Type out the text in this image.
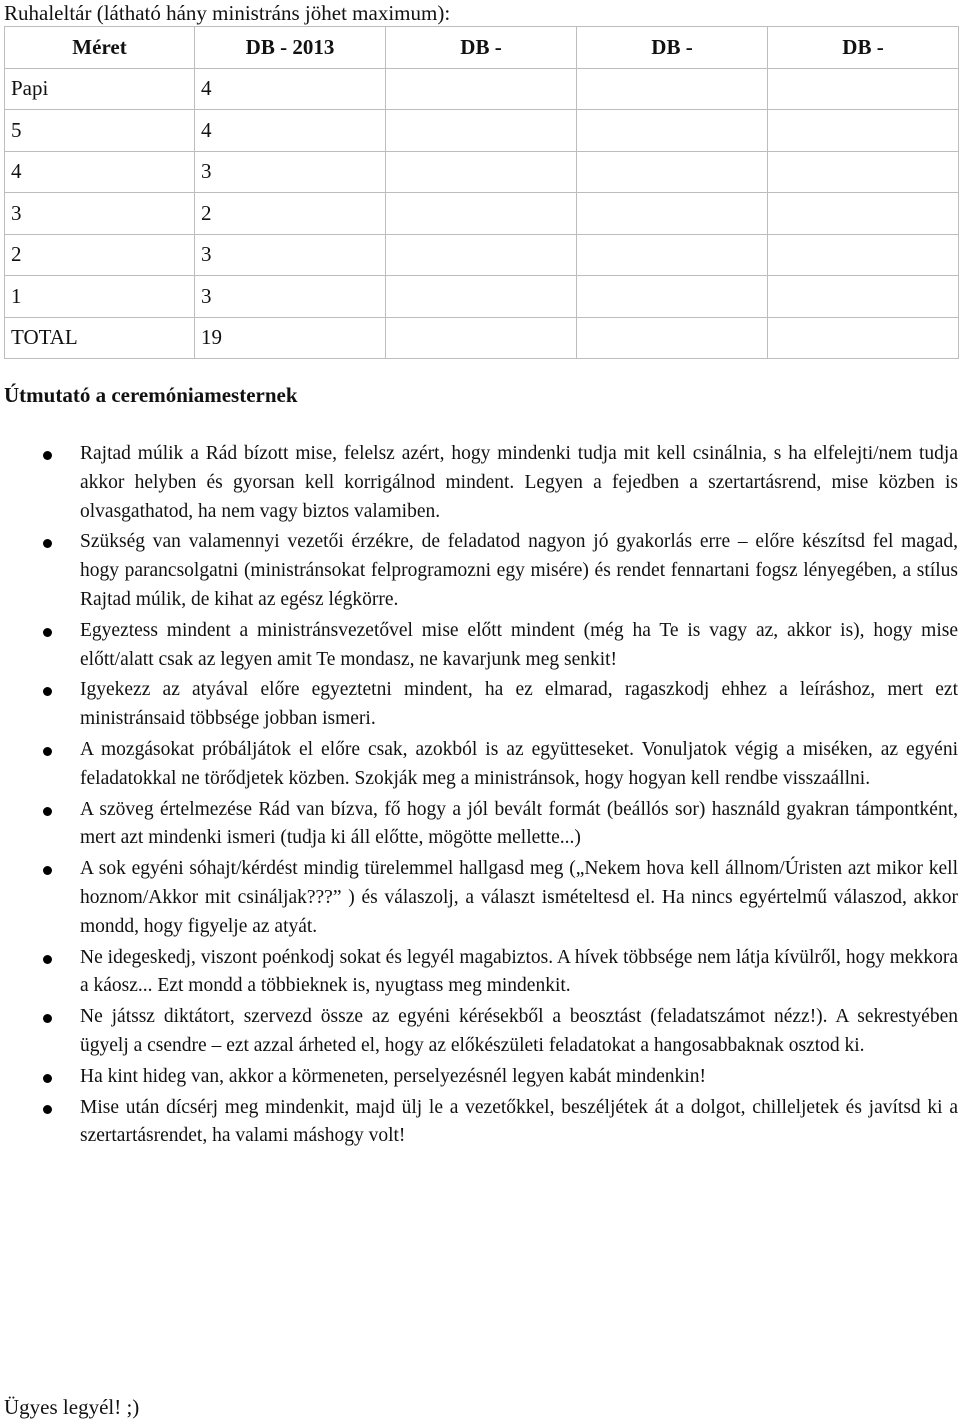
Ruhaleltár (látható hány ministráns jöhet maximum):
Méret	DB - 2013	DB -	DB -	DB -
Papi	4			
5	4			
4	3			
3	2			
2	3			
1	3			
TOTAL	19			
Útmutató a ceremóniamesternek
Rajtad múlik a Rád bízott mise, felelsz azért, hogy mindenki tudja mit kell csinálnia, s ha elfelejti/nem tudja akkor helyben és gyorsan kell korrigálnod mindent. Legyen a fejedben a szertartásrend, mise közben is olvasgathatod, ha nem vagy biztos valamiben.
Szükség van valamennyi vezetői érzékre, de feladatod nagyon jó gyakorlás erre – előre készítsd fel magad, hogy parancsolgatni (ministránsokat felprogramozni egy misére) és rendet fennartani fogsz lényegében, a stílus Rajtad múlik, de kihat az egész légkörre.
Egyeztess mindent a ministránsvezetővel mise előtt mindent (még ha Te is vagy az, akkor is), hogy mise előtt/alatt csak az legyen amit Te mondasz, ne kavarjunk meg senkit!
Igyekezz az atyával előre egyeztetni mindent, ha ez elmarad, ragaszkodj ehhez a leíráshoz, mert ezt ministránsaid többsége jobban ismeri.
A mozgásokat próbáljátok el előre csak, azokból is az együtteseket. Vonuljatok végig a miséken, az egyéni feladatokkal ne törődjetek közben. Szokják meg a ministránsok, hogy hogyan kell rendbe visszaállni.
A szöveg értelmezése Rád van bízva, fő hogy a jól bevált formát (beállós sor) használd gyakran támpontként, mert azt mindenki ismeri (tudja ki áll előtte, mögötte mellette...)
A sok egyéni sóhajt/kérdést mindig türelemmel hallgasd meg („Nekem hova kell állnom/Úristen azt mikor kell hoznom/Akkor mit csináljak???” ) és válaszolj, a választ ismételtesd el. Ha nincs egyértelmű válaszod, akkor mondd, hogy figyelje az atyát.
Ne idegeskedj, viszont poénkodj sokat és legyél magabiztos. A hívek többsége nem látja kívülről, hogy mekkora a káosz... Ezt mondd a többieknek is, nyugtass meg mindenkit.
Ne játssz diktátort, szervezd össze az egyéni kérésekből a beosztást (feladatszámot nézz!). A sekrestyében ügyelj a csendre – ezt azzal árheted el, hogy az előkészületi feladatokat a hangosabbaknak osztod ki.
Ha kint hideg van, akkor a körmeneten, perselyezésnél legyen kabát mindenkin!
Mise után dícsérj meg mindenkit, majd ülj le a vezetőkkel, beszéljétek át a dolgot, chilleljetek és javítsd ki a szertartásrendet, ha valami máshogy volt!
Ügyes legyél! ;)
